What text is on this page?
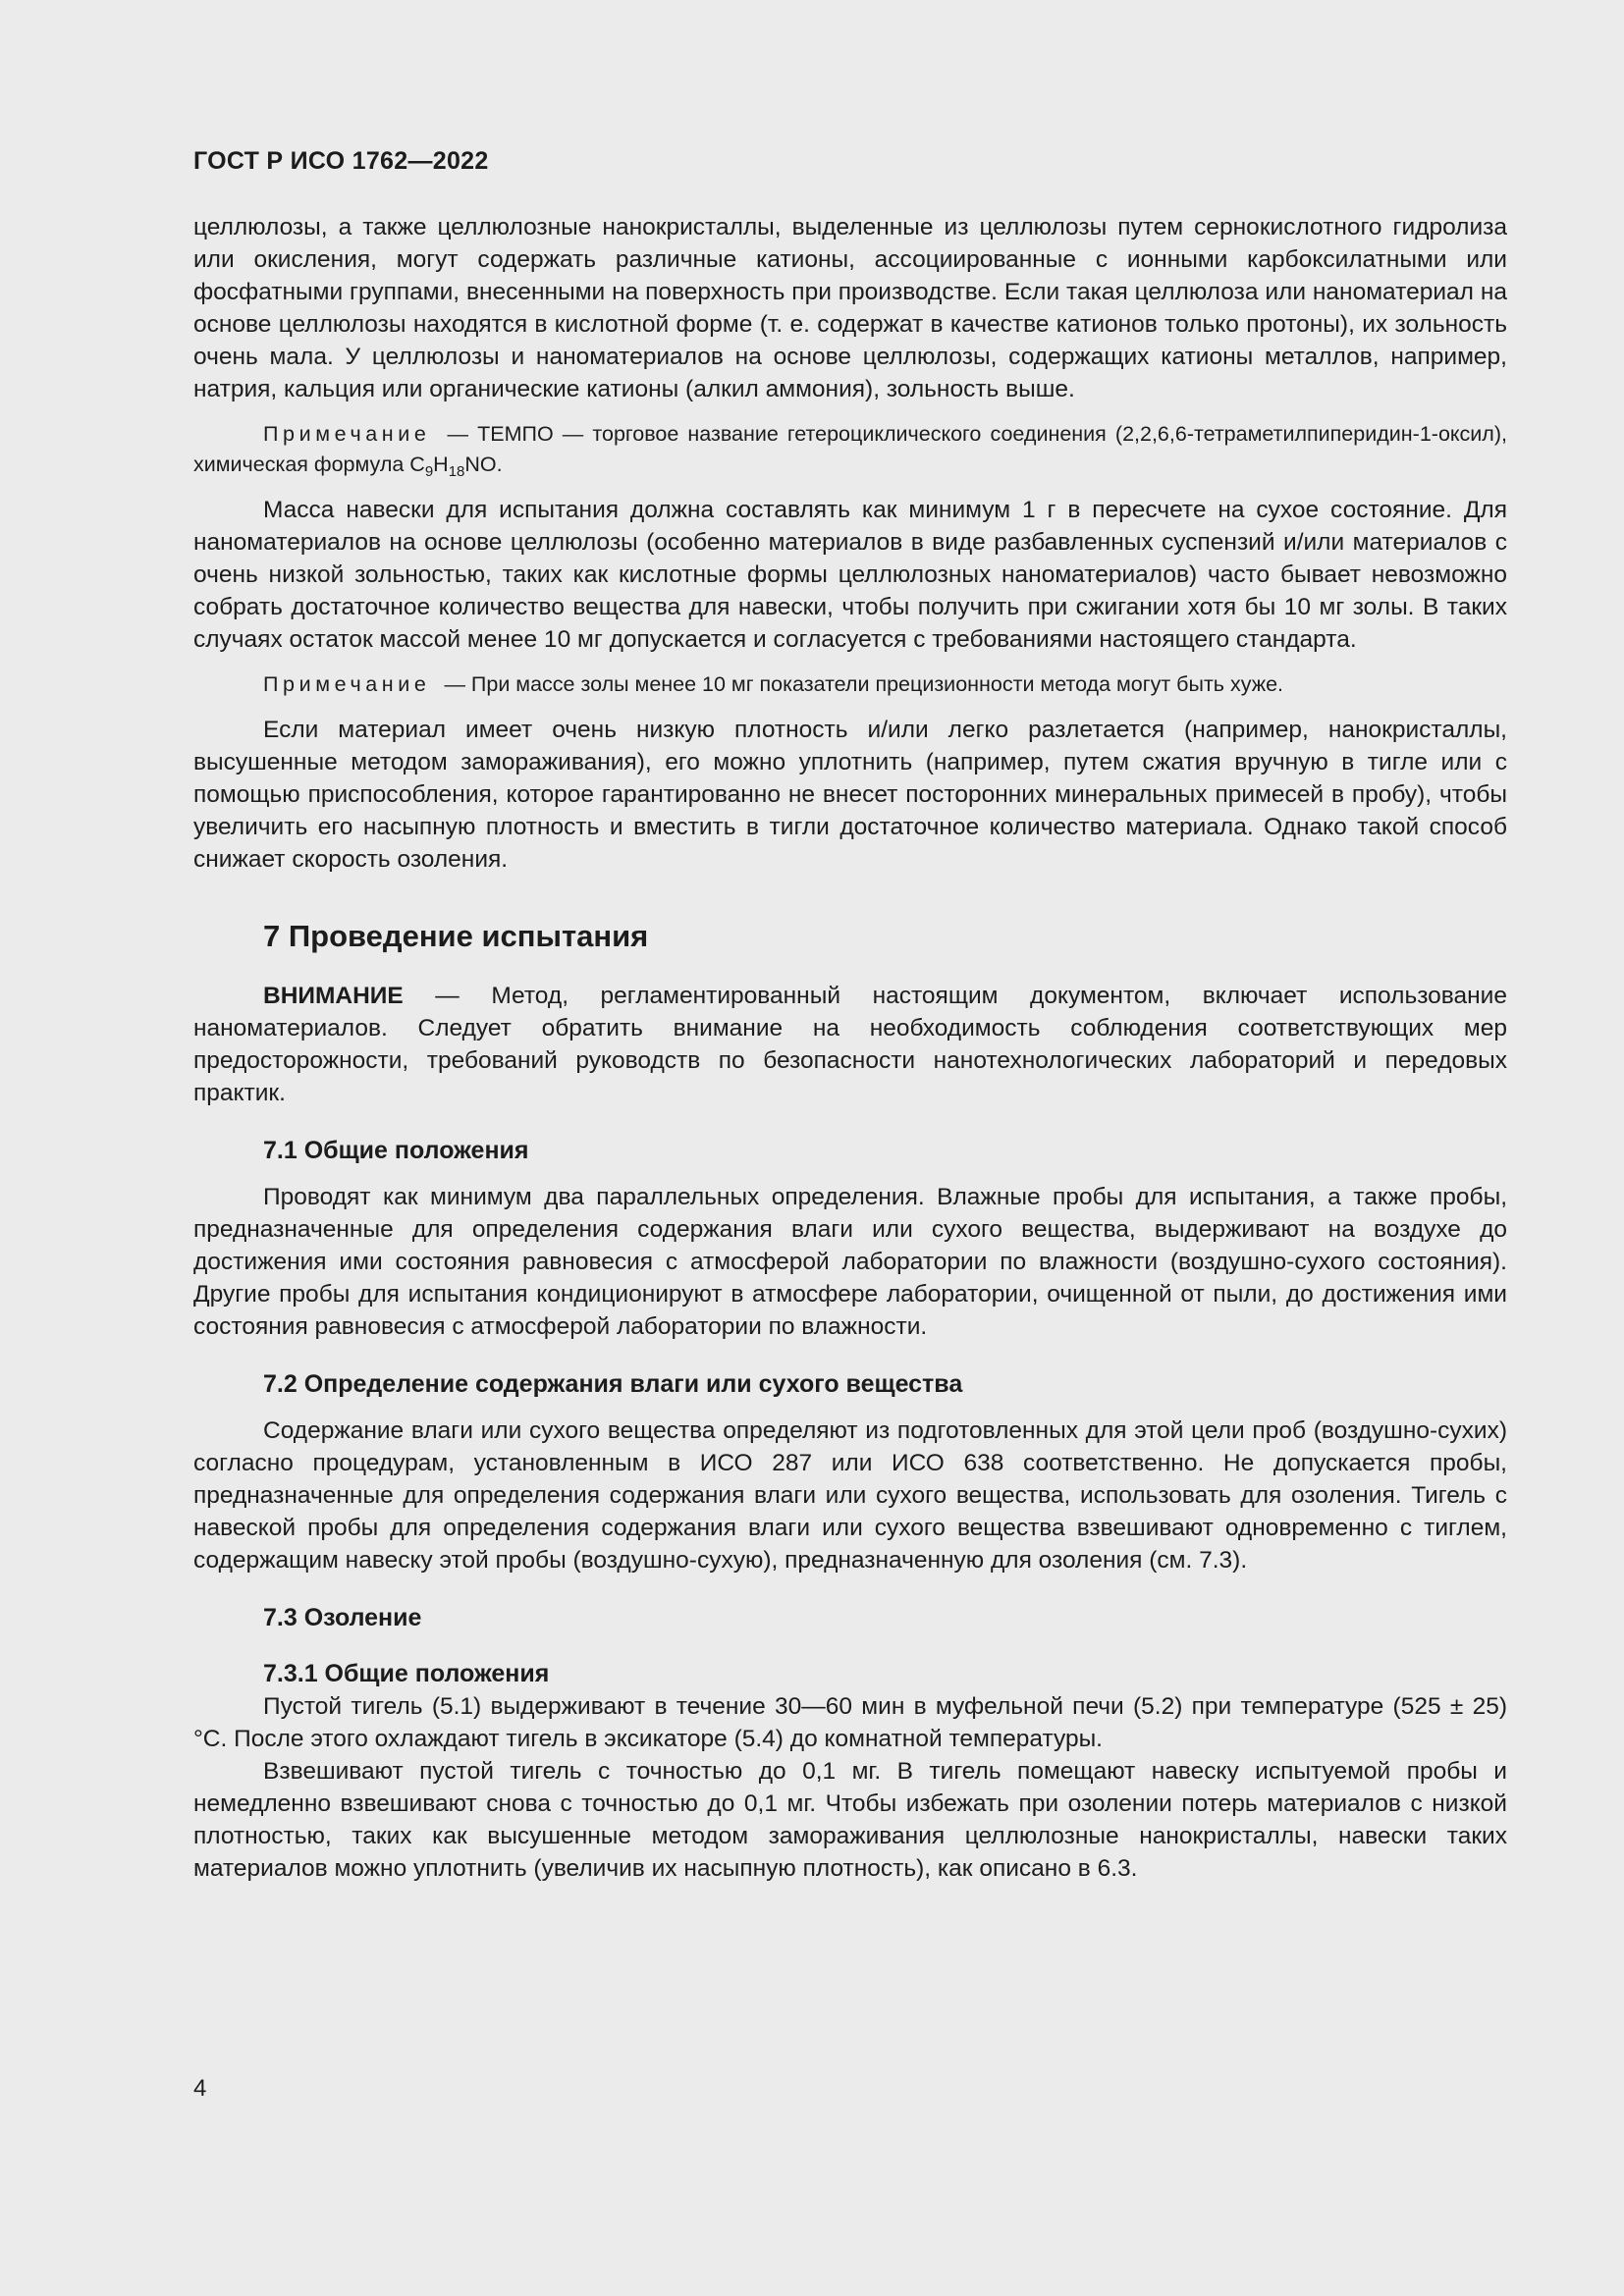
ГОСТ Р ИСО 1762—2022

целлюлозы, а также целлюлозные нанокристаллы, выделенные из целлюлозы путем сернокислотного гидролиза или окисления, могут содержать различные катионы, ассоциированные с ионными карбоксилатными или фосфатными группами, внесенными на поверхность при производстве. Если такая целлюлоза или наноматериал на основе целлюлозы находятся в кислотной форме (т. е. содержат в качестве катионов только протоны), их зольность очень мала. У целлюлозы и наноматериалов на основе целлюлозы, содержащих катионы металлов, например, натрия, кальция или органические катионы (алкил аммония), зольность выше.

Примечание — ТЕМПО — торговое название гетероциклического соединения (2,2,6,6-тетраметилпиперидин-1-оксил), химическая формула $C_9H_{18}NO$.

Масса навески для испытания должна составлять как минимум 1 г в пересчете на сухое состояние. Для наноматериалов на основе целлюлозы (особенно материалов в виде разбавленных суспензий и/или материалов с очень низкой зольностью, таких как кислотные формы целлюлозных наноматериалов) часто бывает невозможно собрать достаточное количество вещества для навески, чтобы получить при сжигании хотя бы 10 мг золы. В таких случаях остаток массой менее 10 мг допускается и согласуется с требованиями настоящего стандарта.

Примечание — При массе золы менее 10 мг показатели прецизионности метода могут быть хуже.

Если материал имеет очень низкую плотность и/или легко разлетается (например, нанокристаллы, высушенные методом замораживания), его можно уплотнить (например, путем сжатия вручную в тигле или с помощью приспособления, которое гарантированно не внесет посторонних минеральных примесей в пробу), чтобы увеличить его насыпную плотность и вместить в тигли достаточное количество материала. Однако такой способ снижает скорость озоления.

7 Проведение испытания

ВНИМАНИЕ — Метод, регламентированный настоящим документом, включает использование наноматериалов. Следует обратить внимание на необходимость соблюдения соответствующих мер предосторожности, требований руководств по безопасности нанотехнологических лабораторий и передовых практик.

7.1 Общие положения

Проводят как минимум два параллельных определения. Влажные пробы для испытания, а также пробы, предназначенные для определения содержания влаги или сухого вещества, выдерживают на воздухе до достижения ими состояния равновесия с атмосферой лаборатории по влажности (воздушно-сухого состояния). Другие пробы для испытания кондиционируют в атмосфере лаборатории, очищенной от пыли, до достижения ими состояния равновесия с атмосферой лаборатории по влажности.

7.2 Определение содержания влаги или сухого вещества

Содержание влаги или сухого вещества определяют из подготовленных для этой цели проб (воздушно-сухих) согласно процедурам, установленным в ИСО 287 или ИСО 638 соответственно. Не допускается пробы, предназначенные для определения содержания влаги или сухого вещества, использовать для озоления. Тигель с навеской пробы для определения содержания влаги или сухого вещества взвешивают одновременно с тиглем, содержащим навеску этой пробы (воздушно-сухую), предназначенную для озоления (см. 7.3).

7.3 Озоление
7.3.1 Общие положения

Пустой тигель (5.1) выдерживают в течение 30—60 мин в муфельной печи (5.2) при температуре (525 ± 25) °С. После этого охлаждают тигель в эксикаторе (5.4) до комнатной температуры.

Взвешивают пустой тигель с точностью до 0,1 мг. В тигель помещают навеску испытуемой пробы и немедленно взвешивают снова с точностью до 0,1 мг. Чтобы избежать при озолении потерь материалов с низкой плотностью, таких как высушенные методом замораживания целлюлозные нанокристаллы, навески таких материалов можно уплотнить (увеличив их насыпную плотность), как описано в 6.3.

4
